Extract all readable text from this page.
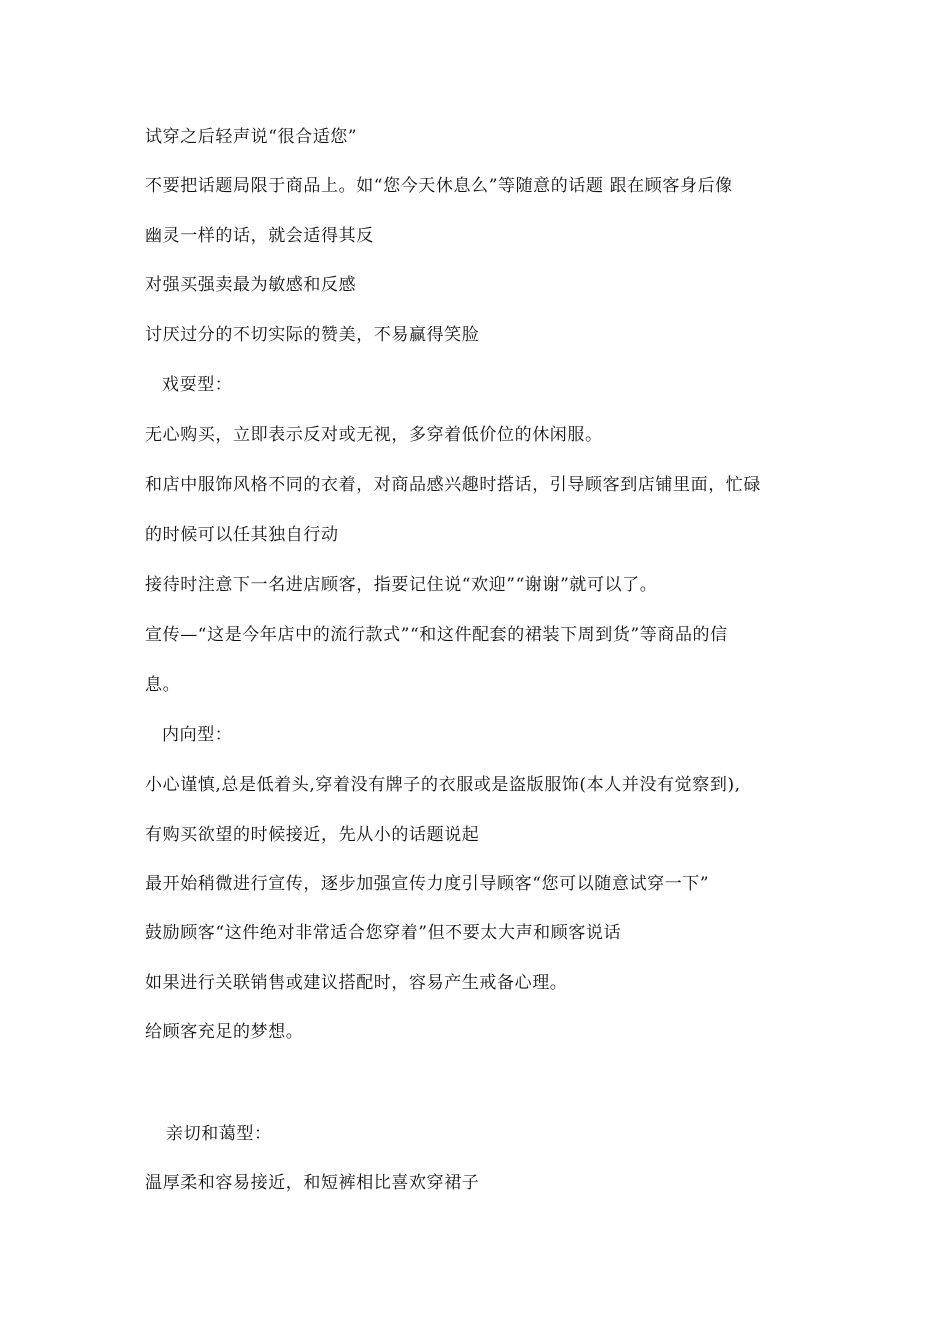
试穿之后轻声说“很合适您”
不要把话题局限于商品上。如“您今天休息么”等随意的话题 跟在顾客身后像
幽灵一样的话，就会适得其反
对强买强卖最为敏感和反感
讨厌过分的不切实际的赞美，不易赢得笑脸
戏耍型：
无心购买，立即表示反对或无视，多穿着低价位的休闲服。
和店中服饰风格不同的衣着，对商品感兴趣时搭话，引导顾客到店铺里面，忙碌
的时候可以任其独自行动
接待时注意下一名进店顾客，指要记住说“欢迎”“谢谢”就可以了。
宣传—“这是今年店中的流行款式”“和这件配套的裙装下周到货”等商品的信
息。
内向型：
小心谨慎,总是低着头,穿着没有牌子的衣服或是盗版服饰(本人并没有觉察到),
有购买欲望的时候接近，先从小的话题说起
最开始稍微进行宣传，逐步加强宣传力度引导顾客“您可以随意试穿一下”
鼓励顾客“这件绝对非常适合您穿着”但不要太大声和顾客说话
如果进行关联销售或建议搭配时，容易产生戒备心理。
给顾客充足的梦想。
亲切和蔼型：
温厚柔和容易接近，和短裤相比喜欢穿裙子
